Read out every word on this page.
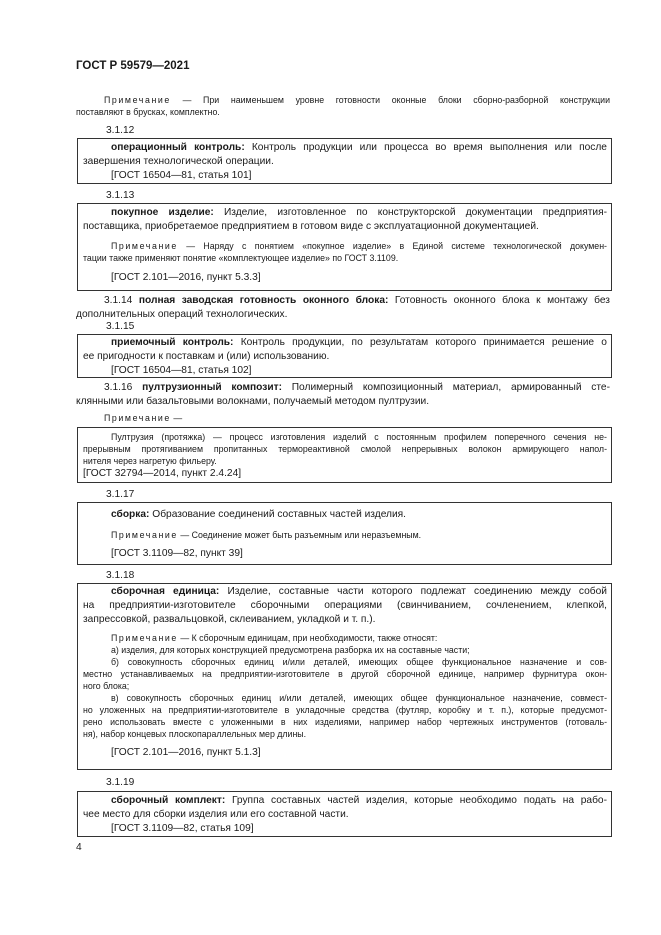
ГОСТ Р 59579—2021
Примечание — При наименьшем уровне готовности оконные блоки сборно-разборной конструкции
поставляют в брусках, комплектно.
3.1.12
операционный контроль: Контроль продукции или процесса во время выполнения или после
завершения технологической операции.
[ГОСТ 16504—81, статья 101]
3.1.13
покупное изделие: Изделие, изготовленное по конструкторской документации предприятия-
поставщика, приобретаемое предприятием в готовом виде с эксплуатационной документацией.
Примечание — Наряду с понятием «покупное изделие» в Единой системе технологической докумен-
тации также применяют понятие «комплектующее изделие» по ГОСТ 3.1109.
[ГОСТ 2.101—2016, пункт 5.3.3]
3.1.14 полная заводская готовность оконного блока: Готовность оконного блока к монтажу без
дополнительных операций технологических.
3.1.15
приемочный контроль: Контроль продукции, по результатам которого принимается решение о
ее пригодности к поставкам и (или) использованию.
[ГОСТ 16504—81, статья 102]
3.1.16 пултрузионный композит: Полимерный композиционный материал, армированный сте-
клянными или базальтовыми волокнами, получаемый методом пултрузии.
Примечание —
Пултрузия (протяжка) — процесс изготовления изделий с постоянным профилем поперечного сечения не-
прерывным протягиванием пропитанных термореактивной смолой непрерывных волокон армирующего напол-
нителя через нагретую фильеру.
[ГОСТ 32794—2014, пункт 2.4.24]
3.1.17
сборка: Образование соединений составных частей изделия.
Примечание — Соединение может быть разъемным или неразъемным.
[ГОСТ 3.1109—82, пункт 39]
3.1.18
сборочная единица: Изделие, составные части которого подлежат соединению между собой
на предприятии-изготовителе сборочными операциями (свинчиванием, сочленением, клепкой,
запрессовкой, развальцовкой, склеиванием, укладкой и т. п.).
Примечание — К сборочным единицам, при необходимости, также относят:
а) изделия, для которых конструкцией предусмотрена разборка их на составные части;
б) совокупность сборочных единиц и/или деталей, имеющих общее функциональное назначение и сов-
местно устанавливаемых на предприятии-изготовителе в другой сборочной единице, например фурнитура окон-
ного блока;
в) совокупность сборочных единиц и/или деталей, имеющих общее функциональное назначение, совмест-
но уложенных на предприятии-изготовителе в укладочные средства (футляр, коробку и т. п.), которые предусмот-
рено использовать вместе с уложенными в них изделиями, например набор чертежных инструментов (готоваль-
ня), набор концевых плоскопараллельных мер длины.
[ГОСТ 2.101—2016, пункт 5.1.3]
3.1.19
сборочный комплект: Группа составных частей изделия, которые необходимо подать на рабо-
чее место для сборки изделия или его составной части.
[ГОСТ 3.1109—82, статья 109]
4
